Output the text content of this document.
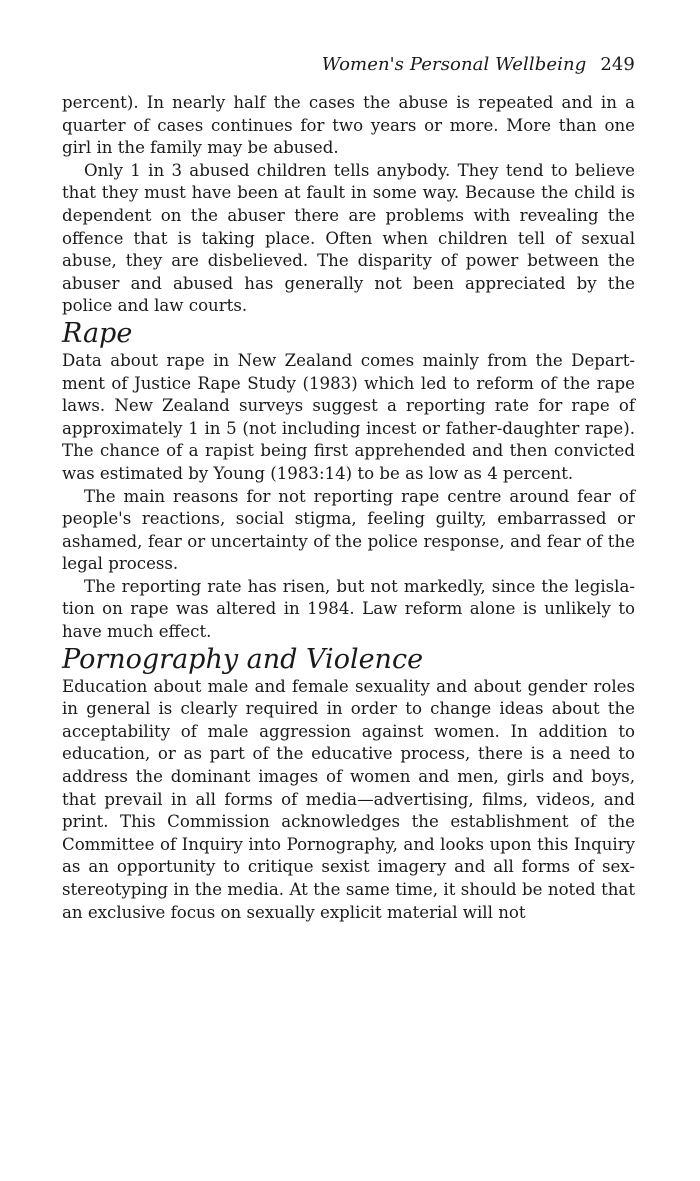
Women's Personal Wellbeing 249

percent). In nearly half the cases the abuse is repeated and in a quarter of cases continues for two years or more. More than one girl in the family may be abused.

Only 1 in 3 abused children tells anybody. They tend to believe that they must have been at fault in some way. Because the child is dependent on the abuser there are problems with revealing the offence that is taking place. Often when children tell of sexual abuse, they are disbelieved. The disparity of power between the abuser and abused has generally not been appreciated by the police and law courts.

Rape

Data about rape in New Zealand comes mainly from the Department of Justice Rape Study (1983) which led to reform of the rape laws. New Zealand surveys suggest a reporting rate for rape of approximately 1 in 5 (not including incest or father-daughter rape). The chance of a rapist being first apprehended and then convicted was estimated by Young (1983:14) to be as low as 4 percent.

The main reasons for not reporting rape centre around fear of people's reactions, social stigma, feeling guilty, embarrassed or ashamed, fear or uncertainty of the police response, and fear of the legal process.

The reporting rate has risen, but not markedly, since the legislation on rape was altered in 1984. Law reform alone is unlikely to have much effect.

Pornography and Violence

Education about male and female sexuality and about gender roles in general is clearly required in order to change ideas about the acceptability of male aggression against women. In addition to education, or as part of the educative process, there is a need to address the dominant images of women and men, girls and boys, that prevail in all forms of media—advertising, films, videos, and print. This Commission acknowledges the establishment of the Committee of Inquiry into Pornography, and looks upon this Inquiry as an opportunity to critique sexist imagery and all forms of sex-stereotyping in the media. At the same time, it should be noted that an exclusive focus on sexually explicit material will not
